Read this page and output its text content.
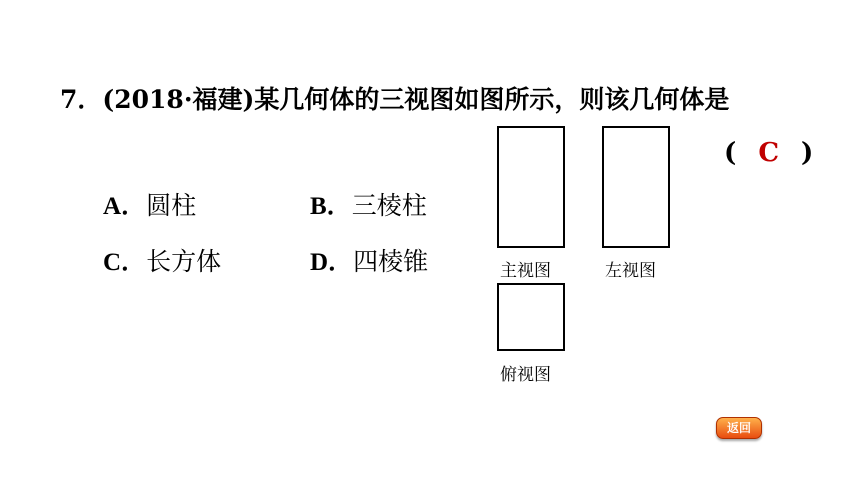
7．(2018·福建)某几何体的三视图如图所示，则该几何体是
( C )
A．圆柱	B．三棱柱
C．长方体	D．四棱锥	主视图	左视图
俯视图
返回
